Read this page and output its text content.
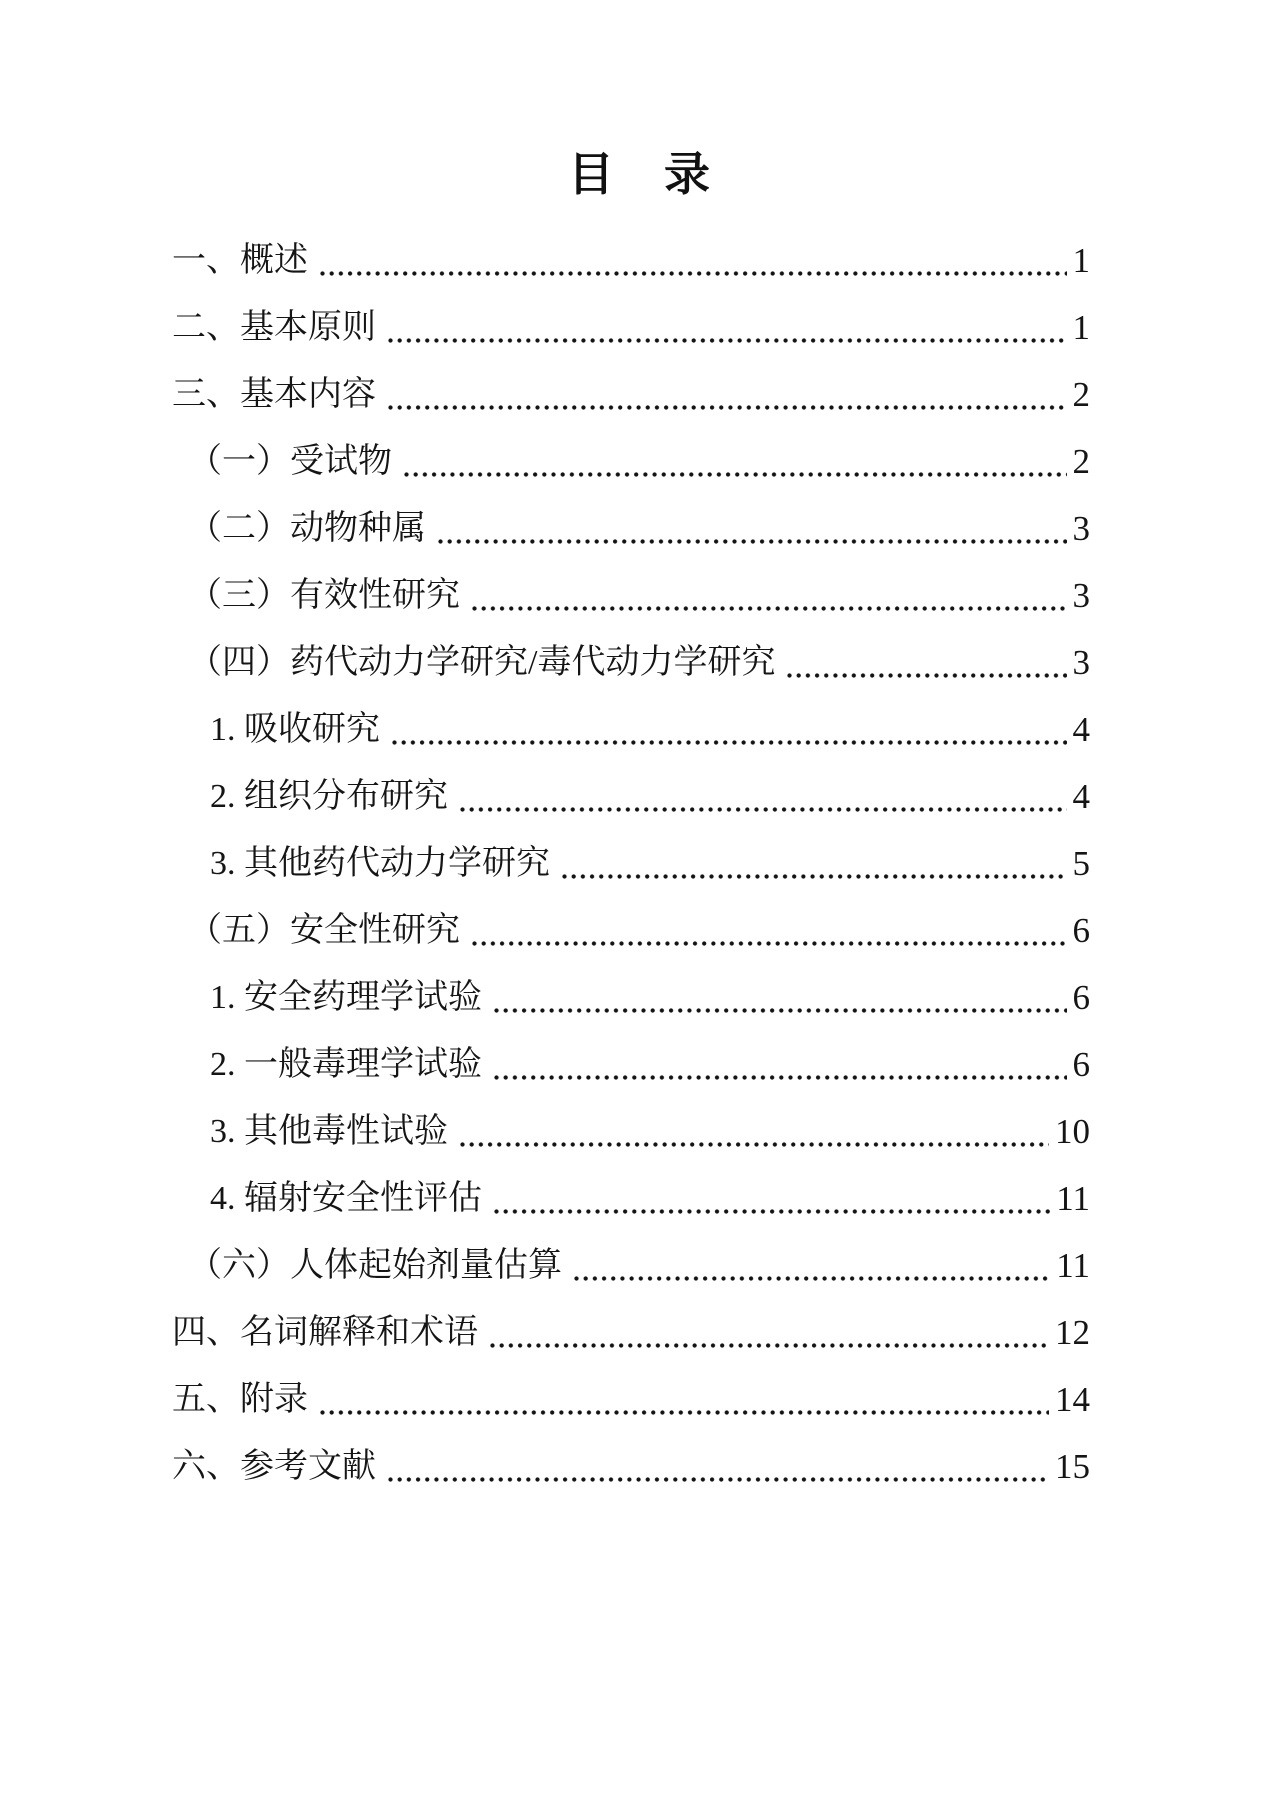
目　录
一、概述	1
二、基本原则	1
三、基本内容	2
（一）受试物	2
（二）动物种属	3
（三）有效性研究	3
（四）药代动力学研究/毒代动力学研究	3
1. 吸收研究	4
2. 组织分布研究	4
3. 其他药代动力学研究	5
（五）安全性研究	6
1. 安全药理学试验	6
2. 一般毒理学试验	6
3. 其他毒性试验	10
4. 辐射安全性评估	11
（六）人体起始剂量估算	11
四、名词解释和术语	12
五、附录	14
六、参考文献	15
